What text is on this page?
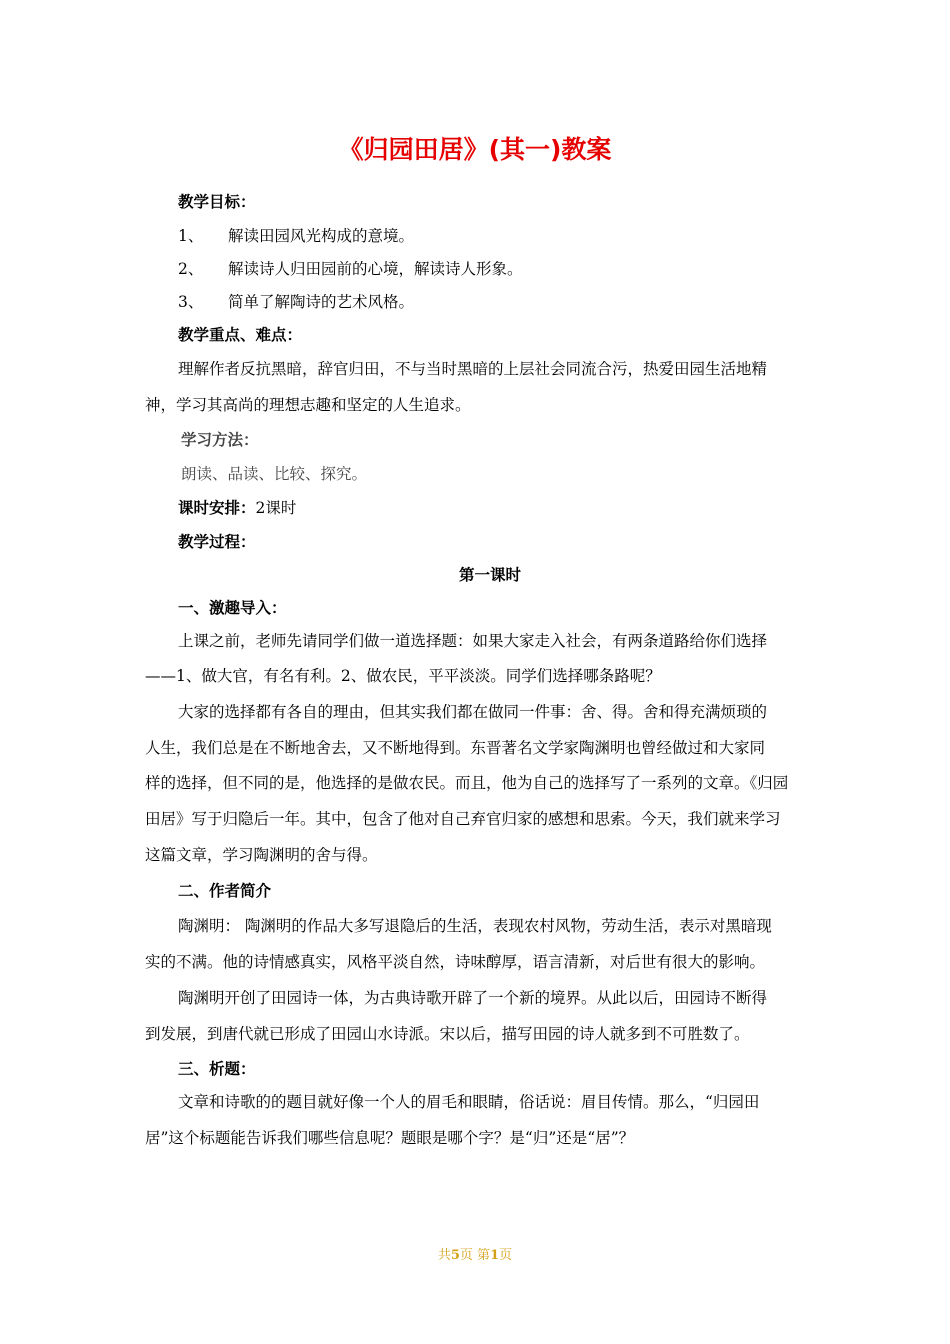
《归园田居》(其一)教案
教学目标：
1、 解读田园风光构成的意境。
2、 解读诗人归田园前的心境，解读诗人形象。
3、 简单了解陶诗的艺术风格。
教学重点、难点：
理解作者反抗黑暗，辞官归田，不与当时黑暗的上层社会同流合污，热爱田园生活地精
神，学习其高尚的理想志趣和坚定的人生追求。
学习方法：
朗读、品读、比较、探究。
课时安排：2课时
教学过程：
第一课时
一、激趣导入：
上课之前，老师先请同学们做一道选择题：如果大家走入社会，有两条道路给你们选择
——1、做大官，有名有利。2、做农民，平平淡淡。同学们选择哪条路呢？
大家的选择都有各自的理由，但其实我们都在做同一件事：舍、得。舍和得充满烦琐的
人生，我们总是在不断地舍去，又不断地得到。东晋著名文学家陶渊明也曾经做过和大家同
样的选择，但不同的是，他选择的是做农民。而且，他为自己的选择写了一系列的文章。《归园
田居》写于归隐后一年。其中，包含了他对自己弃官归家的感想和思索。今天，我们就来学习
这篇文章，学习陶渊明的舍与得。
二、作者简介
陶渊明： 陶渊明的作品大多写退隐后的生活，表现农村风物，劳动生活，表示对黑暗现
实的不满。他的诗情感真实，风格平淡自然，诗味醇厚，语言清新，对后世有很大的影响。
陶渊明开创了田园诗一体，为古典诗歌开辟了一个新的境界。从此以后，田园诗不断得
到发展，到唐代就已形成了田园山水诗派。宋以后，描写田园的诗人就多到不可胜数了。
三、析题：
文章和诗歌的的题目就好像一个人的眉毛和眼睛，俗话说：眉目传情。那么，“归园田
居”这个标题能告诉我们哪些信息呢？题眼是哪个字？是“归”还是“居”？
共5页 第1页
